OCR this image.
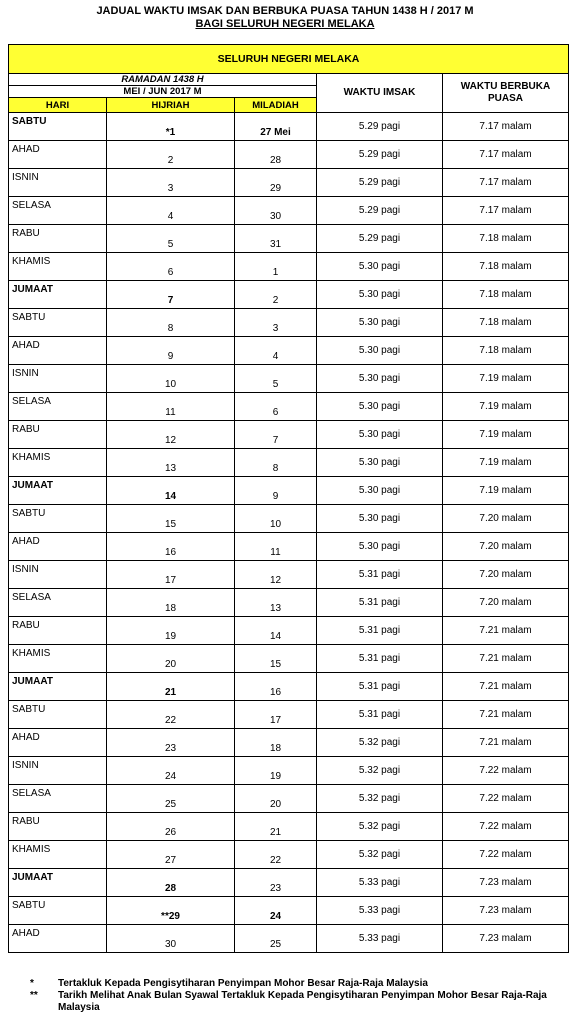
JADUAL WAKTU IMSAK DAN BERBUKA PUASA TAHUN 1438 H / 2017 M
BAGI SELURUH NEGERI MELAKA
SELURUH NEGERI MELAKA				
RAMADAN 1438 H			WAKTU IMSAK	WAKTU BERBUKA PUASA
MEI / JUN 2017 M				
HARI	HIJRIAH	MILADIAH		
SABTU	*1	27 Mei	5.29 pagi	7.17 malam
AHAD	2	28	5.29 pagi	7.17 malam
ISNIN	3	29	5.29 pagi	7.17 malam
SELASA	4	30	5.29 pagi	7.17 malam
RABU	5	31	5.29 pagi	7.18 malam
KHAMIS	6	1	5.30 pagi	7.18 malam
JUMAAT	7	2	5.30 pagi	7.18 malam
SABTU	8	3	5.30 pagi	7.18 malam
AHAD	9	4	5.30 pagi	7.18 malam
ISNIN	10	5	5.30 pagi	7.19 malam
SELASA	11	6	5.30 pagi	7.19 malam
RABU	12	7	5.30 pagi	7.19 malam
KHAMIS	13	8	5.30 pagi	7.19 malam
JUMAAT	14	9	5.30 pagi	7.19 malam
SABTU	15	10	5.30 pagi	7.20 malam
AHAD	16	11	5.30 pagi	7.20 malam
ISNIN	17	12	5.31 pagi	7.20 malam
SELASA	18	13	5.31 pagi	7.20 malam
RABU	19	14	5.31 pagi	7.21 malam
KHAMIS	20	15	5.31 pagi	7.21 malam
JUMAAT	21	16	5.31 pagi	7.21 malam
SABTU	22	17	5.31 pagi	7.21 malam
AHAD	23	18	5.32 pagi	7.21 malam
ISNIN	24	19	5.32 pagi	7.22 malam
SELASA	25	20	5.32 pagi	7.22 malam
RABU	26	21	5.32 pagi	7.22 malam
KHAMIS	27	22	5.32 pagi	7.22 malam
JUMAAT	28	23	5.33 pagi	7.23 malam
SABTU	**29	24	5.33 pagi	7.23 malam
AHAD	30	25	5.33 pagi	7.23 malam
*	Tertakluk Kepada Pengisytiharan Penyimpan Mohor Besar Raja-Raja Malaysia
**	Tarikh Melihat Anak Bulan Syawal Tertakluk Kepada Pengisytiharan Penyimpan Mohor Besar Raja-Raja Malaysia
